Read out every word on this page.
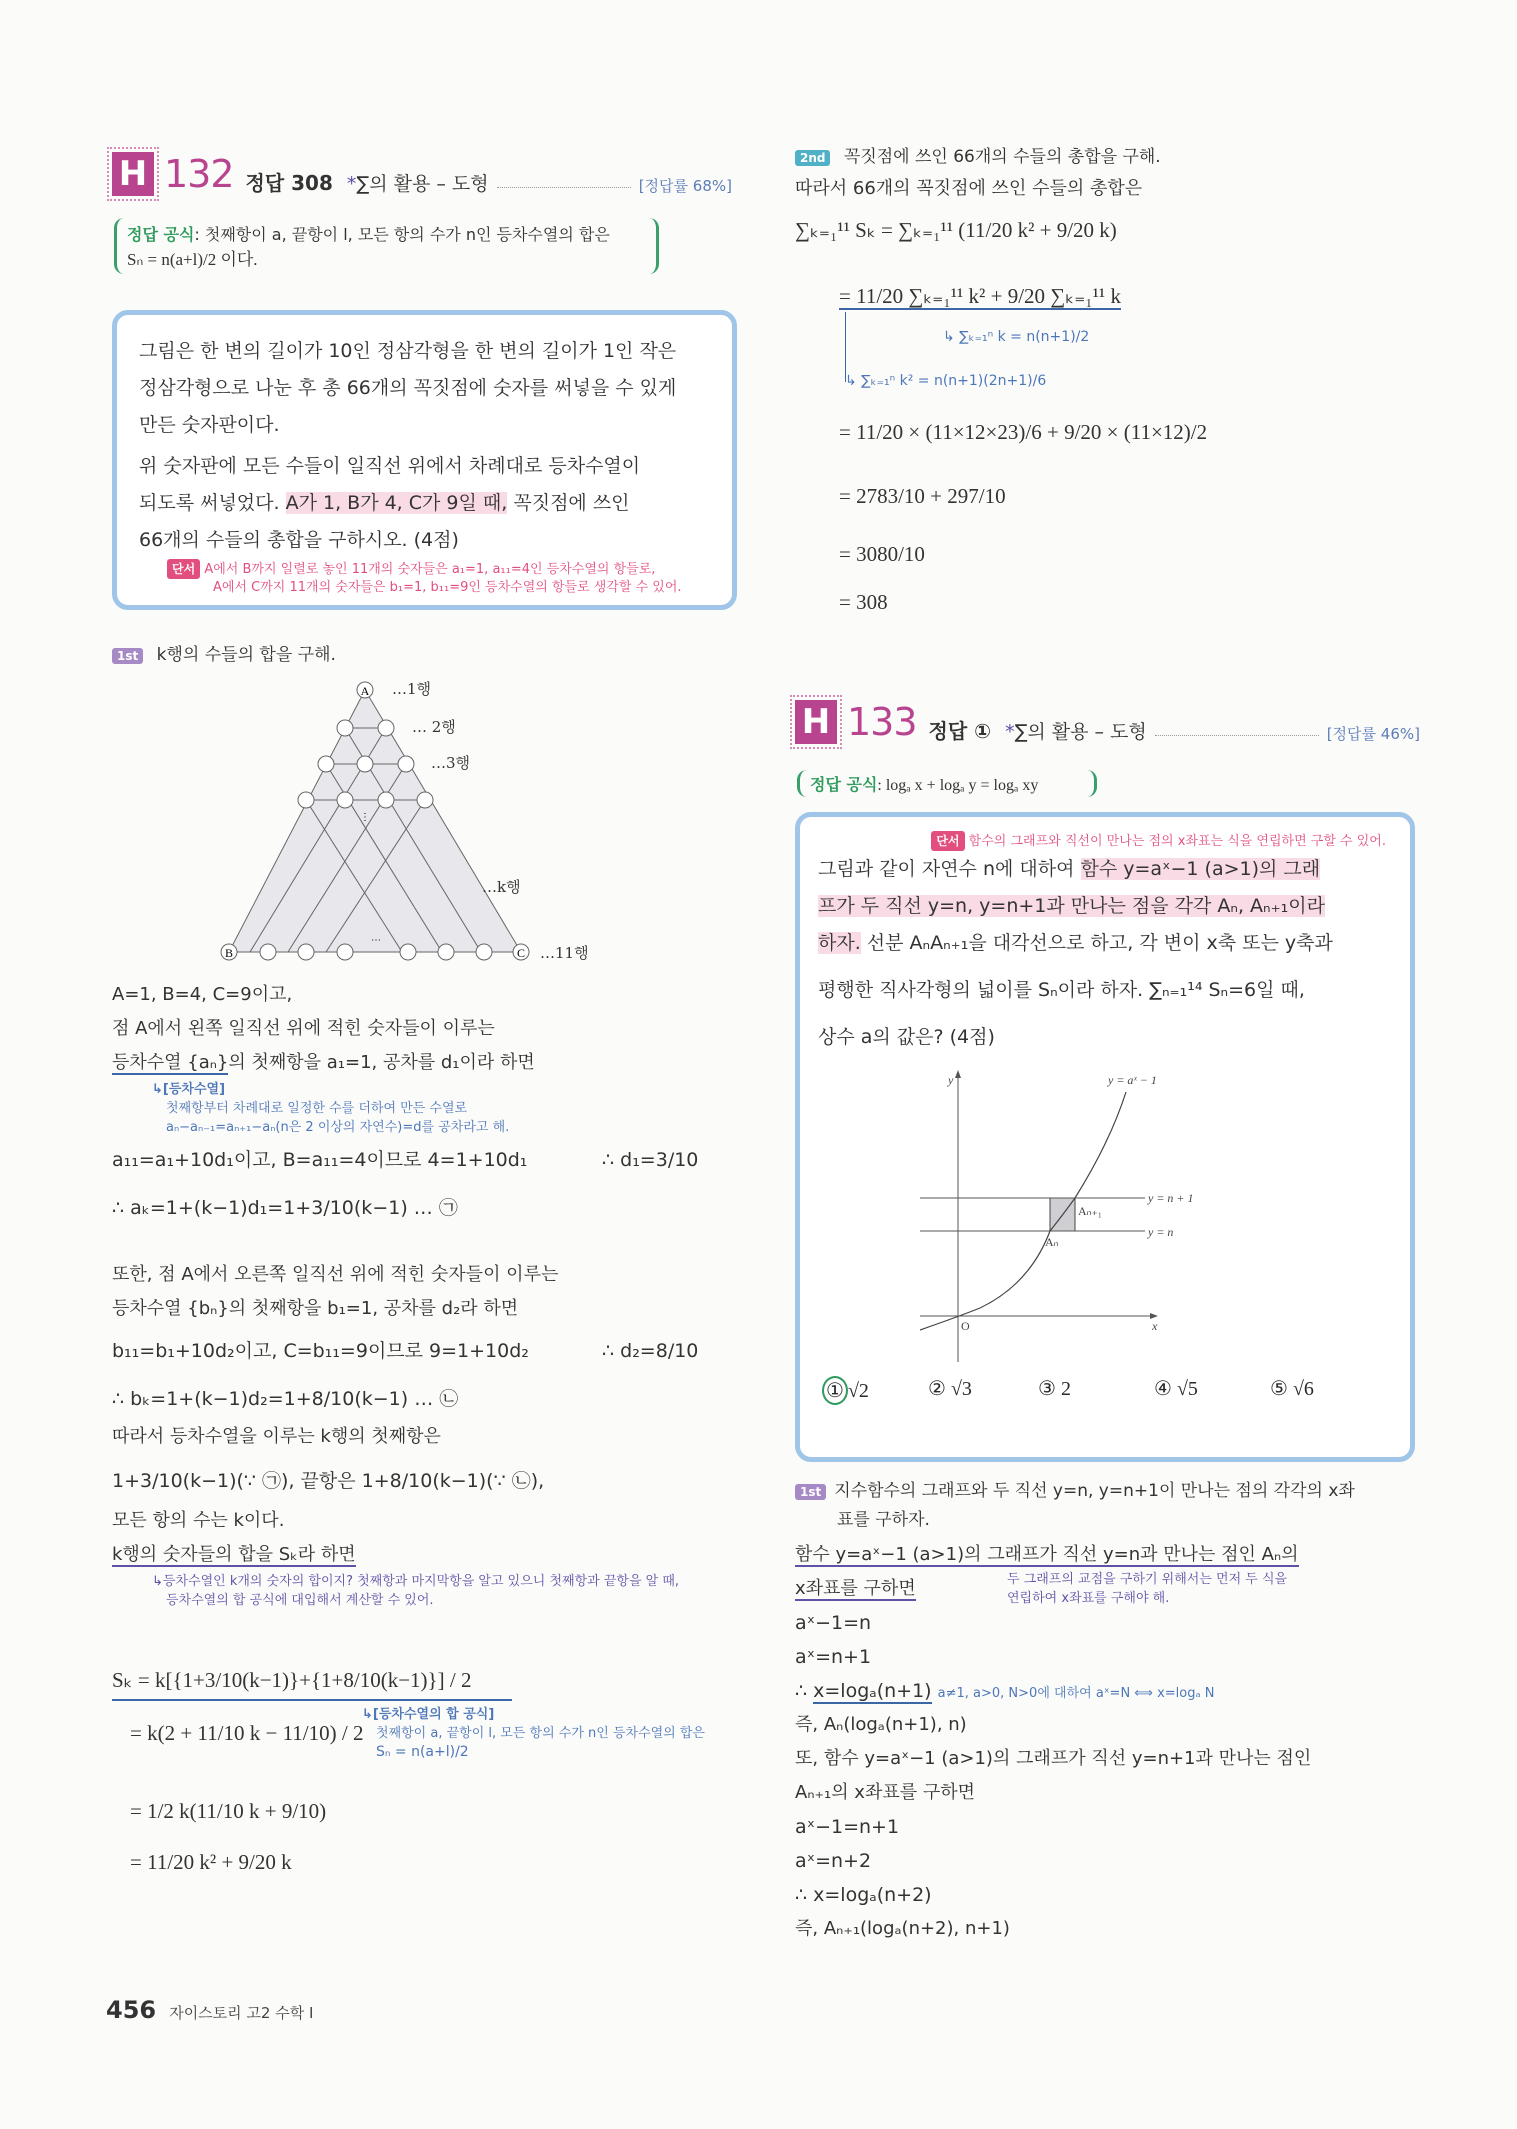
H 132 정답 308 *∑의 활용 – 도형	[정답률 68%]
정답 공식: 첫째항이 a, 끝항이 l, 모든 항의 수가 n인 등차수열의 합은
Sₙ = n(a+l)/2 이다.
그림은 한 변의 길이가 10인 정삼각형을 한 변의 길이가 1인 작은
정삼각형으로 나눈 후 총 66개의 꼭짓점에 숫자를 써넣을 수 있게
만든 숫자판이다.
위 숫자판에 모든 수들이 일직선 위에서 차례대로 등차수열이
되도록 써넣었다. A가 1, B가 4, C가 9일 때, 꼭짓점에 쓰인
66개의 수들의 총합을 구하시오. (4점)
단서 A에서 B까지 일렬로 놓인 11개의 숫자들은 a₁=1, a₁₁=4인 등차수열의 항들로,
A에서 C까지 11개의 숫자들은 b₁=1, b₁₁=9인 등차수열의 항들로 생각할 수 있어.
1st k행의 수들의 합을 구해.
A
B	C
⋮
⋯
…1행
… 2행
…3행
…k행
…11행
A=1, B=4, C=9이고,
점 A에서 왼쪽 일직선 위에 적힌 숫자들이 이루는
등차수열 {aₙ}의 첫째항을 a₁=1, 공차를 d₁이라 하면
↳[등차수열]
첫째항부터 차례대로 일정한 수를 더하여 만든 수열로
aₙ−aₙ₋₁=aₙ₊₁−aₙ(n은 2 이상의 자연수)=d를 공차라고 해.
a₁₁=a₁+10d₁이고, B=a₁₁=4이므로 4=1+10d₁	∴ d₁=3/10
∴ aₖ=1+(k−1)d₁=1+3/10(k−1) … ㉠
또한, 점 A에서 오른쪽 일직선 위에 적힌 숫자들이 이루는
등차수열 {bₙ}의 첫째항을 b₁=1, 공차를 d₂라 하면
b₁₁=b₁+10d₂이고, C=b₁₁=9이므로 9=1+10d₂	∴ d₂=8/10
∴ bₖ=1+(k−1)d₂=1+8/10(k−1) … ㉡
따라서 등차수열을 이루는 k행의 첫째항은
1+3/10(k−1)(∵ ㉠), 끝항은 1+8/10(k−1)(∵ ㉡),
모든 항의 수는 k이다.
k행의 숫자들의 합을 Sₖ라 하면
↳등차수열인 k개의 숫자의 합이지? 첫째항과 마지막항을 알고 있으니 첫째항과 끝항을 알 때,
등차수열의 합 공식에 대입해서 계산할 수 있어.
Sₖ = k[{1+3/10(k−1)}+{1+8/10(k−1)}] / 2
= k(2 + 11/10 k − 11/10) / 2
↳[등차수열의 합 공식]
첫째항이 a, 끝항이 l, 모든 항의 수가 n인 등차수열의 합은
Sₙ = n(a+l)/2
= 1/2 k(11/10 k + 9/10)
= 11/20 k² + 9/20 k
2nd 꼭짓점에 쓰인 66개의 수들의 총합을 구해.
따라서 66개의 꼭짓점에 쓰인 수들의 총합은
∑ₖ₌₁¹¹ Sₖ = ∑ₖ₌₁¹¹ (11/20 k² + 9/20 k)
= 11/20 ∑ₖ₌₁¹¹ k² + 9/20 ∑ₖ₌₁¹¹ k
↳ ∑ₖ₌₁ⁿ k = n(n+1)/2
↳ ∑ₖ₌₁ⁿ k² = n(n+1)(2n+1)/6
= 11/20 × (11×12×23)/6 + 9/20 × (11×12)/2
= 2783/10 + 297/10
= 3080/10
= 308
H 133 정답 ① *∑의 활용 – 도형	[정답률 46%]
정답 공식: logₐ x + logₐ y = logₐ xy
단서 함수의 그래프와 직선이 만나는 점의 x좌표는 식을 연립하면 구할 수 있어.
그림과 같이 자연수 n에 대하여 함수 y=aˣ−1 (a>1)의 그래
프가 두 직선 y=n, y=n+1과 만나는 점을 각각 Aₙ, Aₙ₊₁이라
하자. 선분 AₙAₙ₊₁을 대각선으로 하고, 각 변이 x축 또는 y축과
평행한 직사각형의 넓이를 Sₙ이라 하자. ∑ₙ₌₁¹⁴ Sₙ=6일 때,
상수 a의 값은? (4점)
y = aˣ − 1
y = n + 1
y = n
Aₙ₊₁
Aₙ
y
x
O
① √2	② √3	③ 2	④ √5	⑤ √6
1st 지수함수의 그래프와 두 직선 y=n, y=n+1이 만나는 점의 각각의 x좌
표를 구하자.
함수 y=aˣ−1 (a>1)의 그래프가 직선 y=n과 만나는 점인 Aₙ의
x좌표를 구하면	두 그래프의 교점을 구하기 위해서는 먼저 두 식을
연립하여 x좌표를 구해야 해.
aˣ−1=n
aˣ=n+1
∴ x=logₐ(n+1) a≠1, a>0, N>0에 대하여 aˣ=N ⟺ x=logₐ N
즉, Aₙ(logₐ(n+1), n)
또, 함수 y=aˣ−1 (a>1)의 그래프가 직선 y=n+1과 만나는 점인
Aₙ₊₁의 x좌표를 구하면
aˣ−1=n+1
aˣ=n+2
∴ x=logₐ(n+2)
즉, Aₙ₊₁(logₐ(n+2), n+1)
456 자이스토리 고2 수학 Ⅰ
